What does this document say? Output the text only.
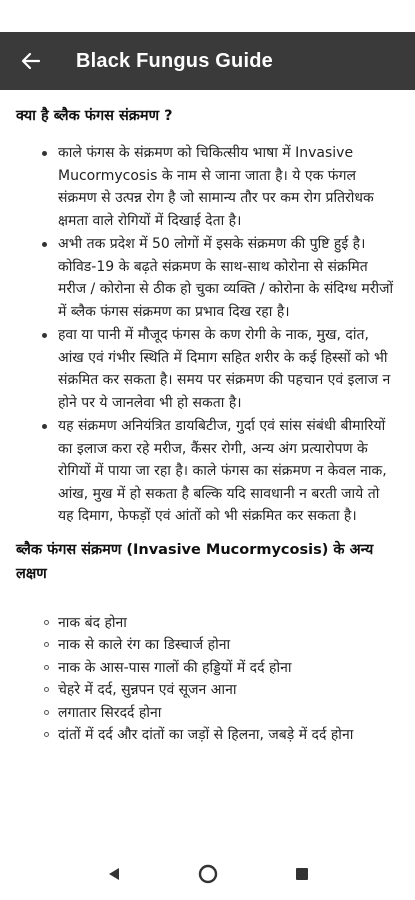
Black Fungus Guide
क्या है ब्लैक फंगस संक्रमण ?
काले फंगस के संक्रमण को चिकित्सीय भाषा में Invasive Mucormycosis के नाम से जाना जाता है। ये एक फंगल संक्रमण से उत्पन्न रोग है जो सामान्य तौर पर कम रोग प्रतिरोधक क्षमता वाले रोगियों में दिखाई देता है।
अभी तक प्रदेश में 50 लोगों में इसके संक्रमण की पुष्टि हुई है। कोविड-19 के बढ़ते संक्रमण के साथ-साथ कोरोना से संक्रमित मरीज / कोरोना से ठीक हो चुका व्यक्ति / कोरोना के संदिग्ध मरीजों में ब्लैक फंगस संक्रमण का प्रभाव दिख रहा है।
हवा या पानी में मौजूद फंगस के कण रोगी के नाक, मुख, दांत, आंख एवं गंभीर स्थिति में दिमाग सहित शरीर के कई हिस्सों को भी संक्रमित कर सकता है। समय पर संक्रमण की पहचान एवं इलाज न होने पर ये जानलेवा भी हो सकता है।
यह संक्रमण अनियंत्रित डायबिटीज, गुर्दा एवं सांस संबंधी बीमारियों का इलाज करा रहे मरीज, कैंसर रोगी, अन्य अंग प्रत्यारोपण के रोगियों में पाया जा रहा है। काले फंगस का संक्रमण न केवल नाक, आंख, मुख में हो सकता है बल्कि यदि सावधानी न बरती जाये तो यह दिमाग, फेफड़ों एवं आंतों को भी संक्रमित कर सकता है।
ब्लैक फंगस संक्रमण (Invasive Mucormycosis) के अन्य लक्षण
नाक बंद होना
नाक से काले रंग का डिस्चार्ज होना
नाक के आस-पास गालों की हड्डियों में दर्द होना
चेहरे में दर्द, सुन्नपन एवं सूजन आना
लगातार सिरदर्द होना
दांतों में दर्द और दांतों का जड़ों से हिलना, जबड़े में दर्द होना
